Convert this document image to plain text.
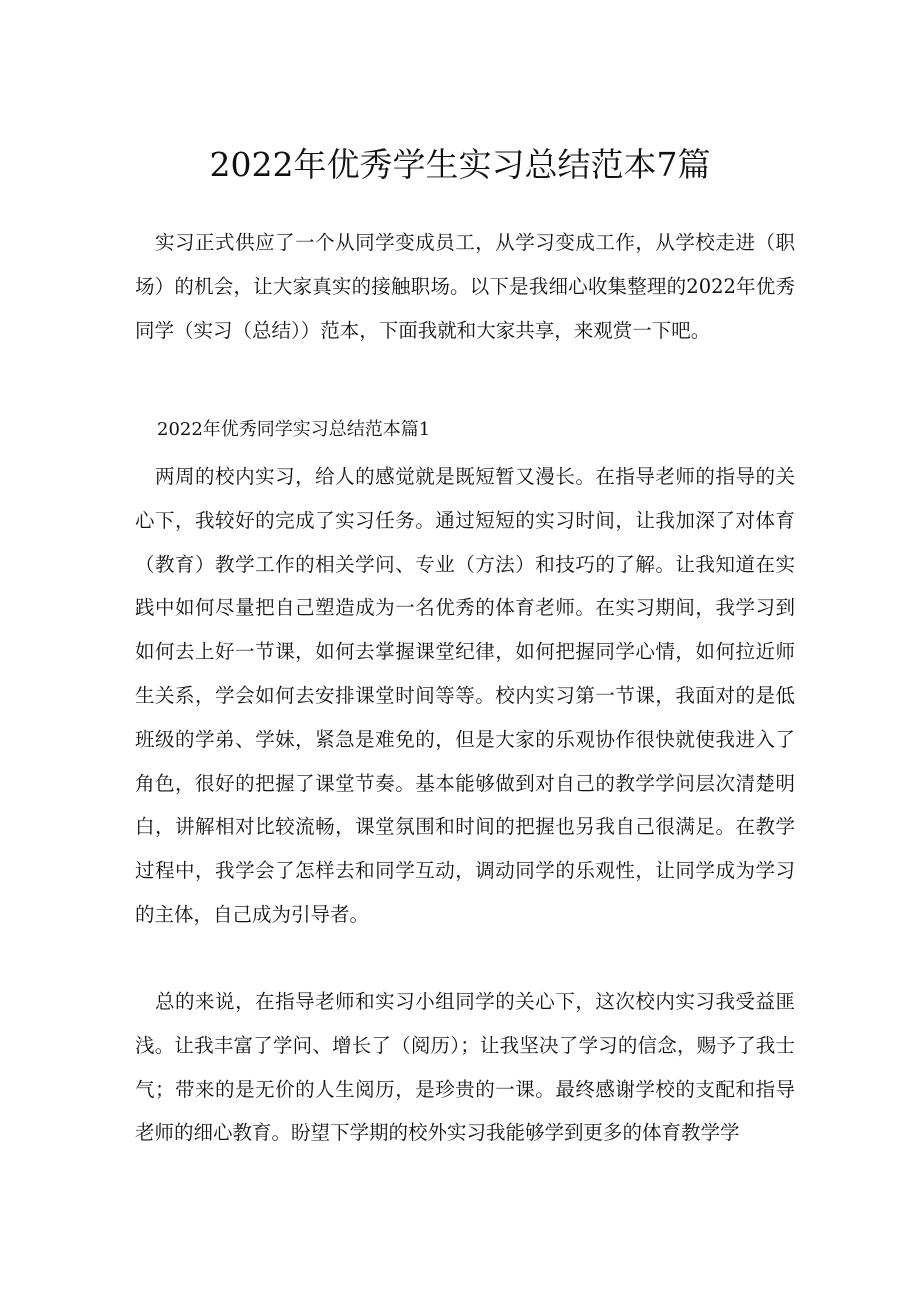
2022年优秀学生实习总结范本7篇

实习正式供应了一个从同学变成员工，从学习变成工作，从学校走进（职场）的机会，让大家真实的接触职场。以下是我细心收集整理的2022年优秀同学（实习（总结））范本，下面我就和大家共享，来观赏一下吧。

2022年优秀同学实习总结范本篇1

两周的校内实习，给人的感觉就是既短暂又漫长。在指导老师的指导的关心下，我较好的完成了实习任务。通过短短的实习时间，让我加深了对体育（教育）教学工作的相关学问、专业（方法）和技巧的了解。让我知道在实践中如何尽量把自己塑造成为一名优秀的体育老师。在实习期间，我学习到如何去上好一节课，如何去掌握课堂纪律，如何把握同学心情，如何拉近师生关系，学会如何去安排课堂时间等等。校内实习第一节课，我面对的是低班级的学弟、学妹，紧急是难免的，但是大家的乐观协作很快就使我进入了角色，很好的把握了课堂节奏。基本能够做到对自己的教学学问层次清楚明白，讲解相对比较流畅，课堂氛围和时间的把握也另我自己很满足。在教学过程中，我学会了怎样去和同学互动，调动同学的乐观性，让同学成为学习的主体，自己成为引导者。

总的来说，在指导老师和实习小组同学的关心下，这次校内实习我受益匪浅。让我丰富了学问、增长了（阅历）；让我坚决了学习的信念，赐予了我士气；带来的是无价的人生阅历，是珍贵的一课。最终感谢学校的支配和指导老师的细心教育。盼望下学期的校外实习我能够学到更多的体育教学学
